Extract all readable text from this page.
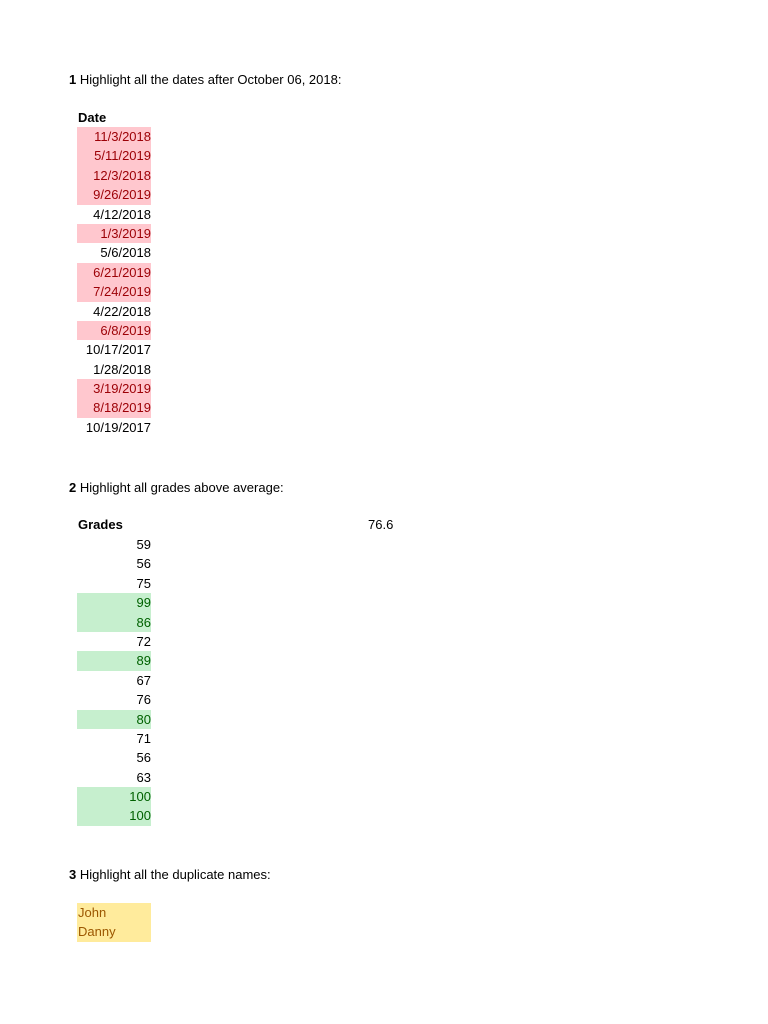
1 Highlight all the dates after October 06, 2018:
Date
11/3/2018
5/11/2019
12/3/2018
9/26/2019
4/12/2018
1/3/2019
5/6/2018
6/21/2019
7/24/2019
4/22/2018
6/8/2019
10/17/2017
1/28/2018
3/19/2019
8/18/2019
10/19/2017
2 Highlight all grades above average:
Grades	76.6
59
56
75
99
86
72
89
67
76
80
71
56
63
100
100
3 Highlight all the duplicate names:
John
Danny
